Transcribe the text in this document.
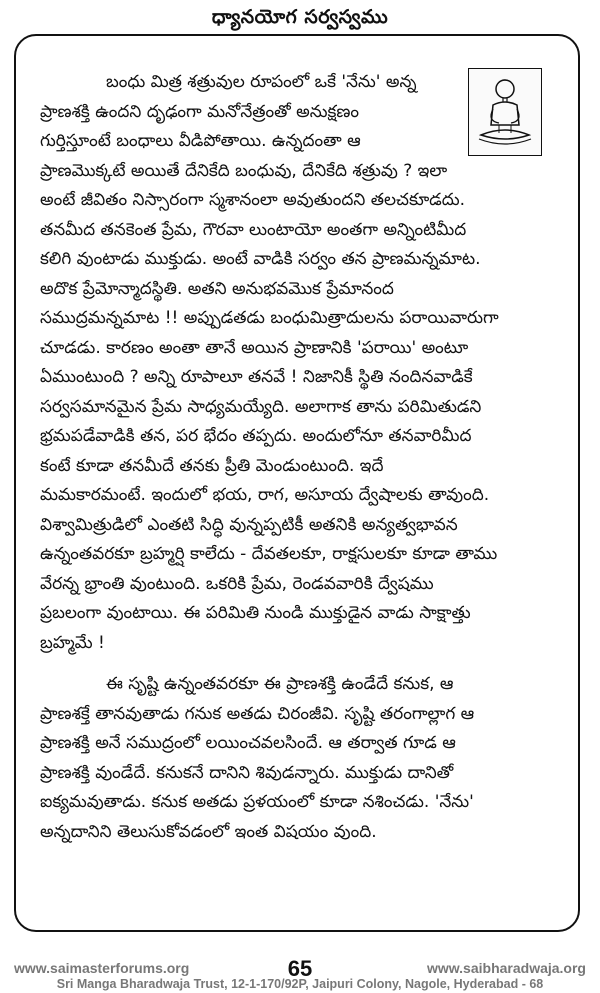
ధ్యానయోగ సర్వస్వము
బంధు మిత్ర శత్రువుల రూపంలో ఒకే 'నేను' అన్న
ప్రాణశక్తి ఉందని దృఢంగా మనోనేత్రంతో అనుక్షణం
గుర్తిస్తూంటే బంధాలు వీడిపోతాయి. ఉన్నదంతా ఆ
ప్రాణమొక్కటే అయితే దేనికేది బంధువు, దేనికేది శత్రువు ? ఇలా
అంటే జీవితం నిస్సారంగా స్మశానంలా అవుతుందని తలచకూడదు.
తనమీద తనకెంత ప్రేమ, గౌరవా లుంటాయో అంతగా అన్నింటిమీద
కలిగి వుంటాడు ముక్తుడు. అంటే వాడికి సర్వం తన ప్రాణమన్నమాట.
అదొక ప్రేమోన్మాదస్థితి. అతని అనుభవమొక ప్రేమానంద
సముద్రమన్నమాట !! అప్పుడతడు బంధుమిత్రాదులను పరాయివారుగా
చూడడు. కారణం అంతా తానే అయిన ప్రాణానికి 'పరాయి' అంటూ
ఏముంటుంది ? అన్ని రూపాలూ తనవే ! నిజానికీ స్థితి నందినవాడికే
సర్వసమానమైన ప్రేమ సాధ్యమయ్యేది. అలాగాక తాను పరిమితుడని
భ్రమపడేవాడికి తన, పర భేదం తప్పదు. అందులోనూ తనవారిమీద
కంటే కూడా తనమీదే తనకు ప్రీతి మెండుంటుంది. ఇదే
మమకారమంటే. ఇందులో భయ, రాగ, అసూయ ద్వేషాలకు తావుంది.
విశ్వామిత్రుడిలో ఎంతటి సిద్ధి వున్నప్పటికీ అతనికి అన్యత్వభావన
ఉన్నంతవరకూ బ్రహ్మర్షి కాలేదు - దేవతలకూ, రాక్షసులకూ కూడా తాము
వేరన్న భ్రాంతి వుంటుంది. ఒకరికి ప్రేమ, రెండవవారికి ద్వేషము
ప్రబలంగా వుంటాయి. ఈ పరిమితి నుండి ముక్తుడైన వాడు సాక్షాత్తు
బ్రహ్మమే !
ఈ సృష్టి ఉన్నంతవరకూ ఈ ప్రాణశక్తి ఉండేదే కనుక, ఆ
ప్రాణశక్తే తానవుతాడు గనుక అతడు చిరంజీవి. సృష్టి తరంగాల్లాగ ఆ
ప్రాణశక్తి అనే సముద్రంలో లయించవలసిందే. ఆ తర్వాత గూడ ఆ
ప్రాణశక్తి వుండేదే. కనుకనే దానిని శివుడన్నారు. ముక్తుడు దానితో
ఐక్యమవుతాడు. కనుక అతడు ప్రళయంలో కూడా నశించడు. 'నేను'
అన్నదానిని తెలుసుకోవడంలో ఇంత విషయం వుంది.
www.saimasterforums.org	65	www.saibharadwaja.org
Sri Manga Bharadwaja Trust, 12-1-170/92P, Jaipuri Colony, Nagole, Hyderabad - 68
